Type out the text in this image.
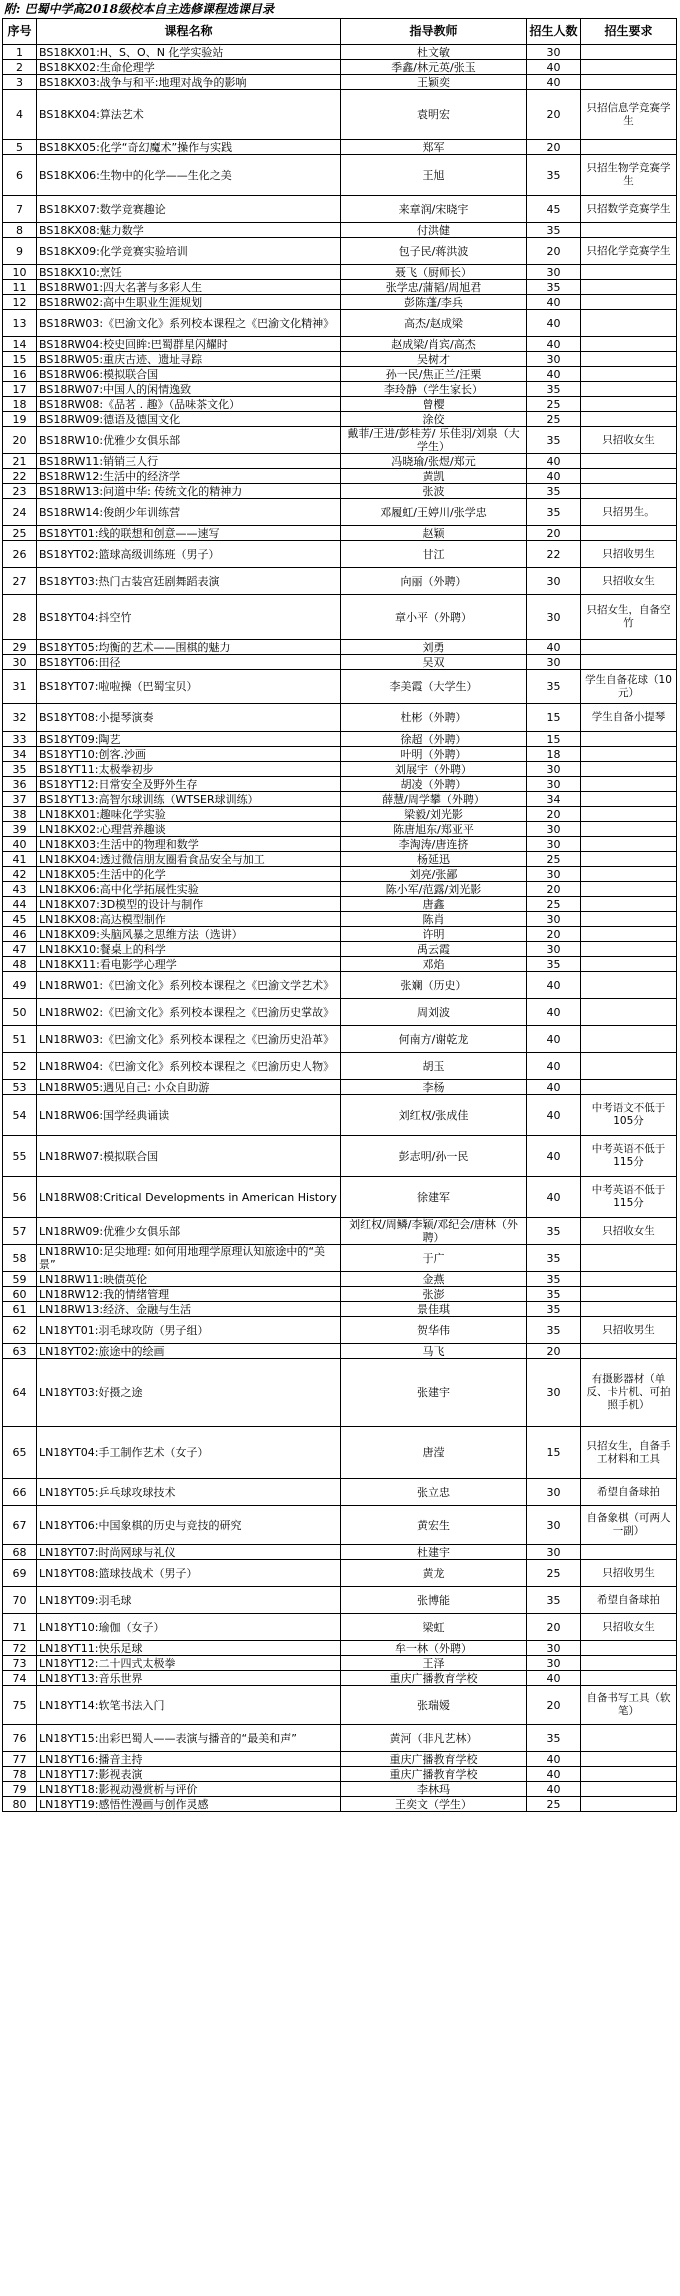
附: 巴蜀中学高2018级校本自主选修课程选课目录
序号	课程名称	指导教师	招生人数	招生要求
1	BS18KX01:H、S、O、N 化学实验站	杜文敏	30	
2	BS18KX02:生命伦理学	季鑫/林元英/张玉	40	
3	BS18KX03:战争与和平:地理对战争的影响	王颖奕	40	
4	BS18KX04:算法艺术	袁明宏	20	只招信息学竞赛学生
5	BS18KX05:化学“奇幻魔术”操作与实践	郑军	20	
6	BS18KX06:生物中的化学——生化之美	王旭	35	只招生物学竞赛学生
7	BS18KX07:数学竞赛趣论	来章润/宋晓宇	45	只招数学竞赛学生
8	BS18KX08:魅力数学	付洪健	35	
9	BS18KX09:化学竞赛实验培训	包子民/蒋洪波	20	只招化学竞赛学生
10	BS18KX10:烹饪	聂飞（厨师长）	30	
11	BS18RW01:四大名著与多彩人生	张学忠/蒲韬/周旭君	35	
12	BS18RW02:高中生职业生涯规划	彭陈蓬/李兵	40	
13	BS18RW03:《巴渝文化》系列校本课程之《巴渝文化精神》	高杰/赵成梁	40	
14	BS18RW04:校史回眸:巴蜀群星闪耀时	赵成梁/肖宾/高杰	40	
15	BS18RW05:重庆古迹、遗址寻踪	吴树才	30	
16	BS18RW06:模拟联合国	孙一民/焦正兰/汪栗	40	
17	BS18RW07:中国人的闲情逸致	李玲静（学生家长）	35	
18	BS18RW08:《品茗 . 趣》（品味茶文化）	曾樱	25	
19	BS18RW09:德语及德国文化	涂佼	25	
20	BS18RW10:优雅少女俱乐部	戴菲/王进/彭桂芳/ 乐佳羽/刘泉（大学生）	35	只招收女生
21	BS18RW11:销销三人行	冯晓瑜/张煜/郑元	40	
22	BS18RW12:生活中的经济学	黄凯	40	
23	BS18RW13:问道中华: 传统文化的精神力	张波	35	
24	BS18RW14:俊朗少年训练营	邓履虹/王婷川/张学忠	35	只招男生。
25	BS18YT01:线的联想和创意——速写	赵颖	20	
26	BS18YT02:篮球高级训练班（男子）	甘江	22	只招收男生
27	BS18YT03:热门古装宫廷剧舞蹈表演	向丽（外聘）	30	只招收女生
28	BS18YT04:抖空竹	章小平（外聘）	30	只招女生，自备空竹
29	BS18YT05:均衡的艺术——围棋的魅力	刘勇	40	
30	BS18YT06:田径	吴双	30	
31	BS18YT07:啦啦操（巴蜀宝贝）	李美霞（大学生）	35	学生自备花球（10元）
32	BS18YT08:小提琴演奏	杜彬（外聘）	15	学生自备小提琴
33	BS18YT09:陶艺	徐超（外聘）	15	
34	BS18YT10:创客.沙画	叶明（外聘）	18	
35	BS18YT11:太极拳初步	刘展宇（外聘）	30	
36	BS18YT12:日常安全及野外生存	胡凌（外聘）	30	
37	BS18YT13:高智尔球训练（WTSER球训练）	薛慧/周学攀（外聘）	34	
38	LN18KX01:趣味化学实验	梁毅/刘光影	20	
39	LN18KX02:心理营养趣谈	陈唐旭东/郑亚平	30	
40	LN18KX03:生活中的物理和数学	李淘涛/唐连挤	30	
41	LN18KX04:透过微信朋友圈看食品安全与加工	杨延迅	25	
42	LN18KX05:生活中的化学	刘亮/张鄙	30	
43	LN18KX06:高中化学拓展性实验	陈小军/范露/刘光影	20	
44	LN18KX07:3D模型的设计与制作	唐鑫	25	
45	LN18KX08:高达模型制作	陈肖	30	
46	LN18KX09:头脑风暴之思维方法（选讲）	许明	20	
47	LN18KX10:餐桌上的科学	禹云霞	30	
48	LN18KX11:看电影学心理学	邓焰	35	
49	LN18RW01:《巴渝文化》系列校本课程之《巴渝文学艺术》	张斓（历史）	40	
50	LN18RW02:《巴渝文化》系列校本课程之《巴渝历史掌故》	周刘波	40	
51	LN18RW03:《巴渝文化》系列校本课程之《巴渝历史沿革》	何南方/谢乾龙	40	
52	LN18RW04:《巴渝文化》系列校本课程之《巴渝历史人物》	胡玉	40	
53	LN18RW05:遇见自己: 小众自助游	李杨	40	
54	LN18RW06:国学经典诵读	刘红权/张成佳	40	中考语文不低于105分
55	LN18RW07:模拟联合国	彭志明/孙一民	40	中考英语不低于115分
56	LN18RW08:Critical Developments in American History	徐建军	40	中考英语不低于115分
57	LN18RW09:优雅少女俱乐部	刘红权/周鳞/李颖/邓纪会/唐林（外聘）	35	只招收女生
58	LN18RW10:足尖地理: 如何用地理学原理认知旅途中的“美景”	于广	35	
59	LN18RW11:映债英伦	金燕	35	
60	LN18RW12:我的情绪管理	张澎	35	
61	LN18RW13:经济、金融与生活	景佳琪	35	
62	LN18YT01:羽毛球攻防（男子组）	贺华伟	35	只招收男生
63	LN18YT02:旅途中的绘画	马飞	20	
64	LN18YT03:好摄之途	张建宇	30	有摄影器材（单反、卡片机、可拍照手机）
65	LN18YT04:手工制作艺术（女子）	唐滢	15	只招女生，自备手工材料和工具
66	LN18YT05:乒乓球攻球技术	张立忠	30	希望自备球拍
67	LN18YT06:中国象棋的历史与竞技的研究	黄宏生	30	自备象棋（可两人一副）
68	LN18YT07:时尚网球与礼仪	杜建宇	30	
69	LN18YT08:篮球技战术（男子）	黄龙	25	只招收男生
70	LN18YT09:羽毛球	张博能	35	希望自备球拍
71	LN18YT10:瑜伽（女子）	梁虹	20	只招收女生
72	LN18YT11:快乐足球	牟一林（外聘）	30	
73	LN18YT12:二十四式太极拳	王泽	30	
74	LN18YT13:音乐世界	重庆广播教育学校	40	
75	LN18YT14:软笔书法入门	张瑞嫒	20	自备书写工具（软笔）
76	LN18YT15:出彩巴蜀人——表演与播音的“最美和声”	黄河（非凡艺林）	35	
77	LN18YT16:播音主持	重庆广播教育学校	40	
78	LN18YT17:影视表演	重庆广播教育学校	40	
79	LN18YT18:影视动漫赏析与评价	李林玛	40	
80	LN18YT19:感悟性漫画与创作灵感	王奕文（学生）	25	
